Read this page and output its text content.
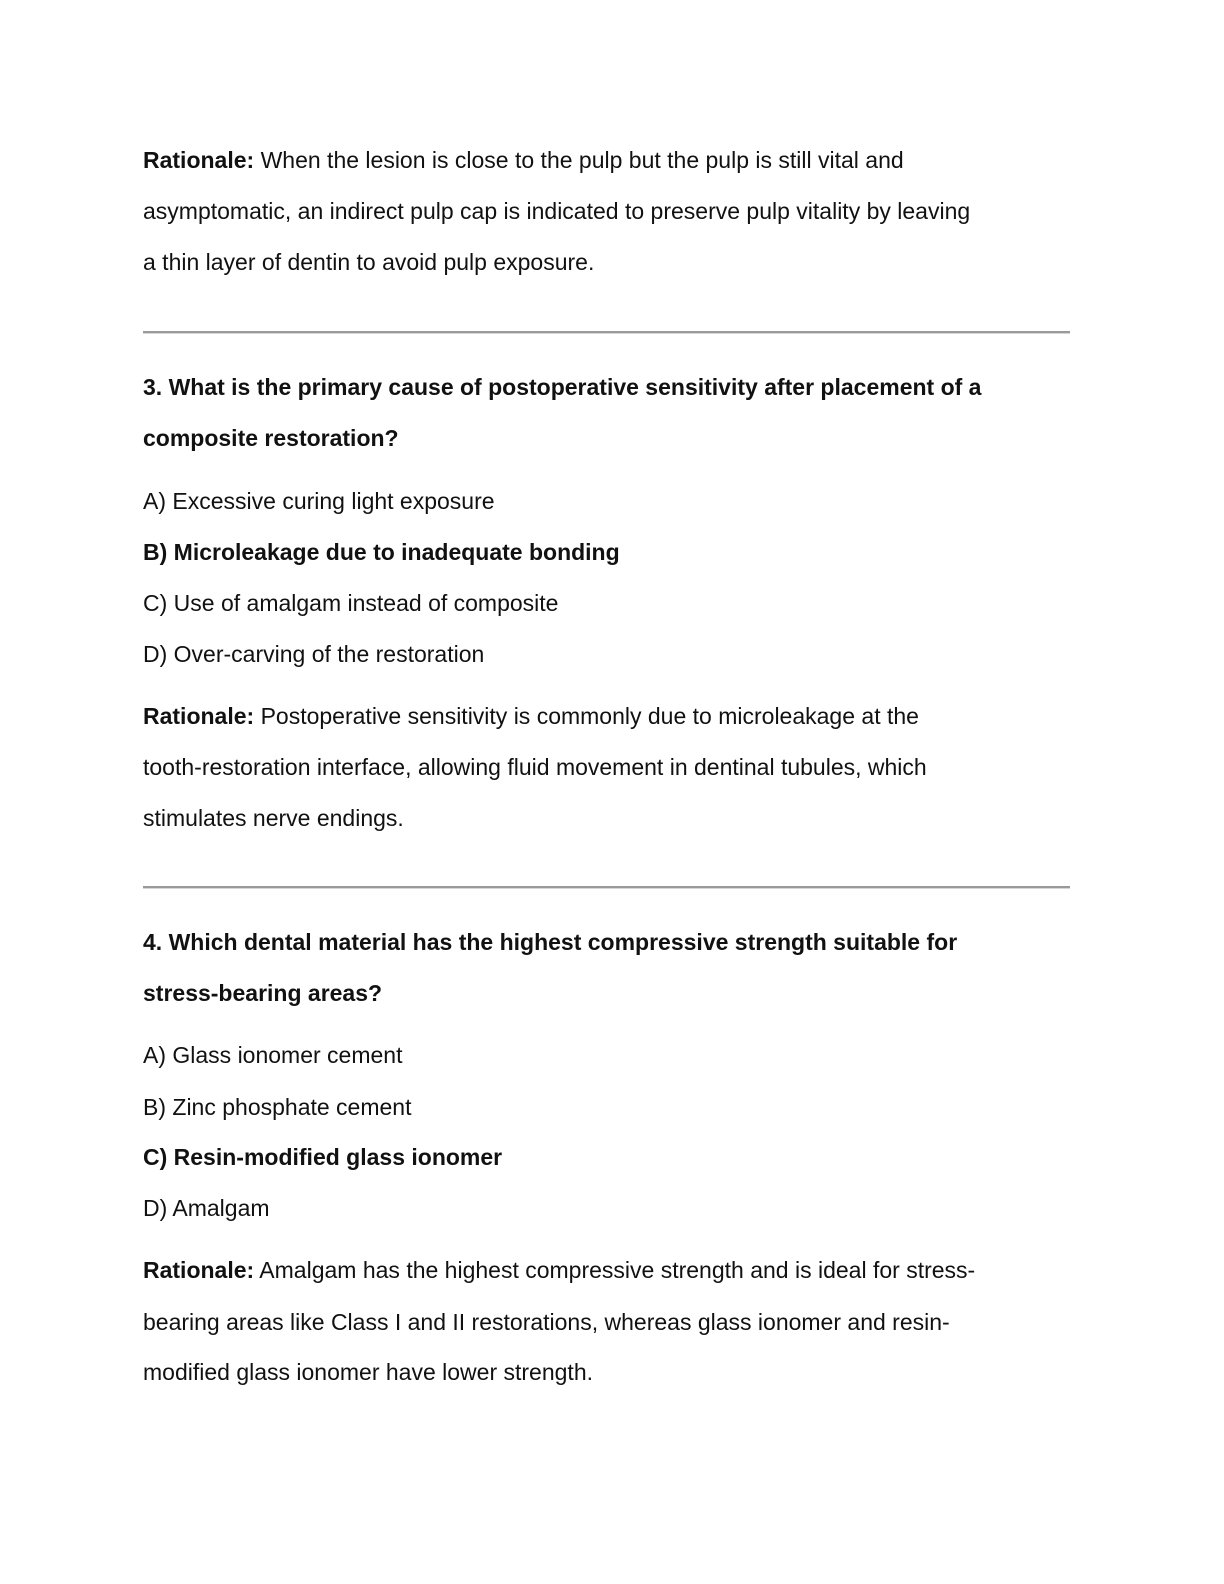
Rationale: When the lesion is close to the pulp but the pulp is still vital and
asymptomatic, an indirect pulp cap is indicated to preserve pulp vitality by leaving
a thin layer of dentin to avoid pulp exposure.
3. What is the primary cause of postoperative sensitivity after placement of a
composite restoration?
A) Excessive curing light exposure
B) Microleakage due to inadequate bonding
C) Use of amalgam instead of composite
D) Over-carving of the restoration
Rationale: Postoperative sensitivity is commonly due to microleakage at the
tooth-restoration interface, allowing fluid movement in dentinal tubules, which
stimulates nerve endings.
4. Which dental material has the highest compressive strength suitable for
stress-bearing areas?
A) Glass ionomer cement
B) Zinc phosphate cement
C) Resin-modified glass ionomer
D) Amalgam
Rationale: Amalgam has the highest compressive strength and is ideal for stress-
bearing areas like Class I and II restorations, whereas glass ionomer and resin-
modified glass ionomer have lower strength.
